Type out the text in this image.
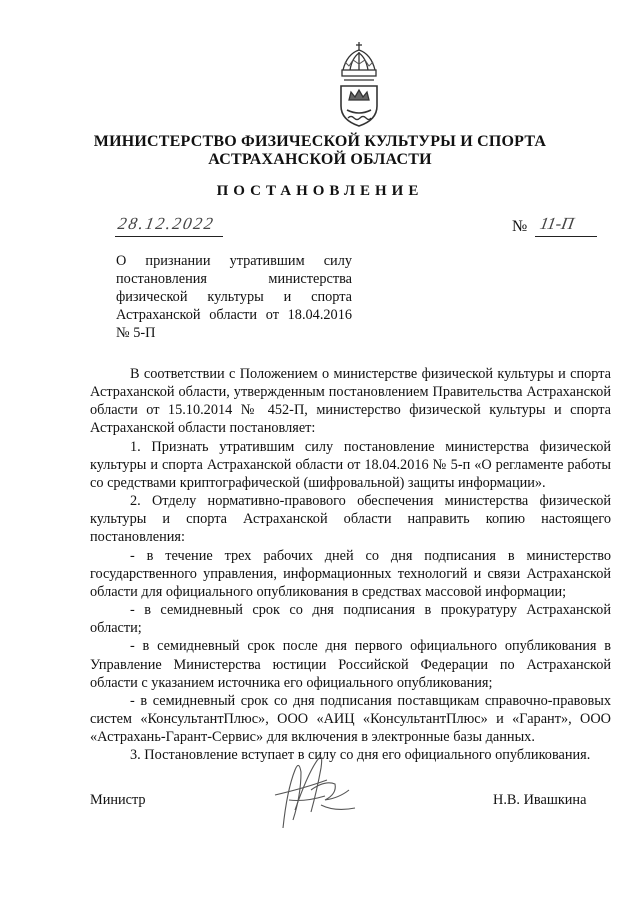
МИНИСТЕРСТВО ФИЗИЧЕСКОЙ КУЛЬТУРЫ И СПОРТА
АСТРАХАНСКОЙ ОБЛАСТИ
ПОСТАНОВЛЕНИЕ
28.12.2022	№ 11-П

О признании утратившим силу постановления министерства физической культуры и спорта Астраханской области от 18.04.2016 № 5-П

В соответствии с Положением о министерстве физической культуры и спорта Астраханской области, утвержденным постановлением Правительства Астраханской области от 15.10.2014 № 452-П, министерство физической культуры и спорта Астраханской области постановляет:

1. Признать утратившим силу постановление министерства физической культуры и спорта Астраханской области от 18.04.2016 № 5-п «О регламенте работы со средствами криптографической (шифровальной) защиты информации».

2. Отделу нормативно-правового обеспечения министерства физической культуры и спорта Астраханской области направить копию настоящего постановления:

- в течение трех рабочих дней со дня подписания в министерство государственного управления, информационных технологий и связи Астраханской области для официального опубликования в средствах массовой информации;

- в семидневный срок со дня подписания в прокуратуру Астраханской области;

- в семидневный срок после дня первого официального опубликования в Управление Министерства юстиции Российской Федерации по Астраханской области с указанием источника его официального опубликования;

- в семидневный срок со дня подписания поставщикам справочно-правовых систем «КонсультантПлюс», ООО «АИЦ «КонсультантПлюс» и «Гарант», ООО «Астрахань-Гарант-Сервис» для включения в электронные базы данных.

3. Постановление вступает в силу со дня его официального опубликования.

Министр	Н.В. Ивашкина
